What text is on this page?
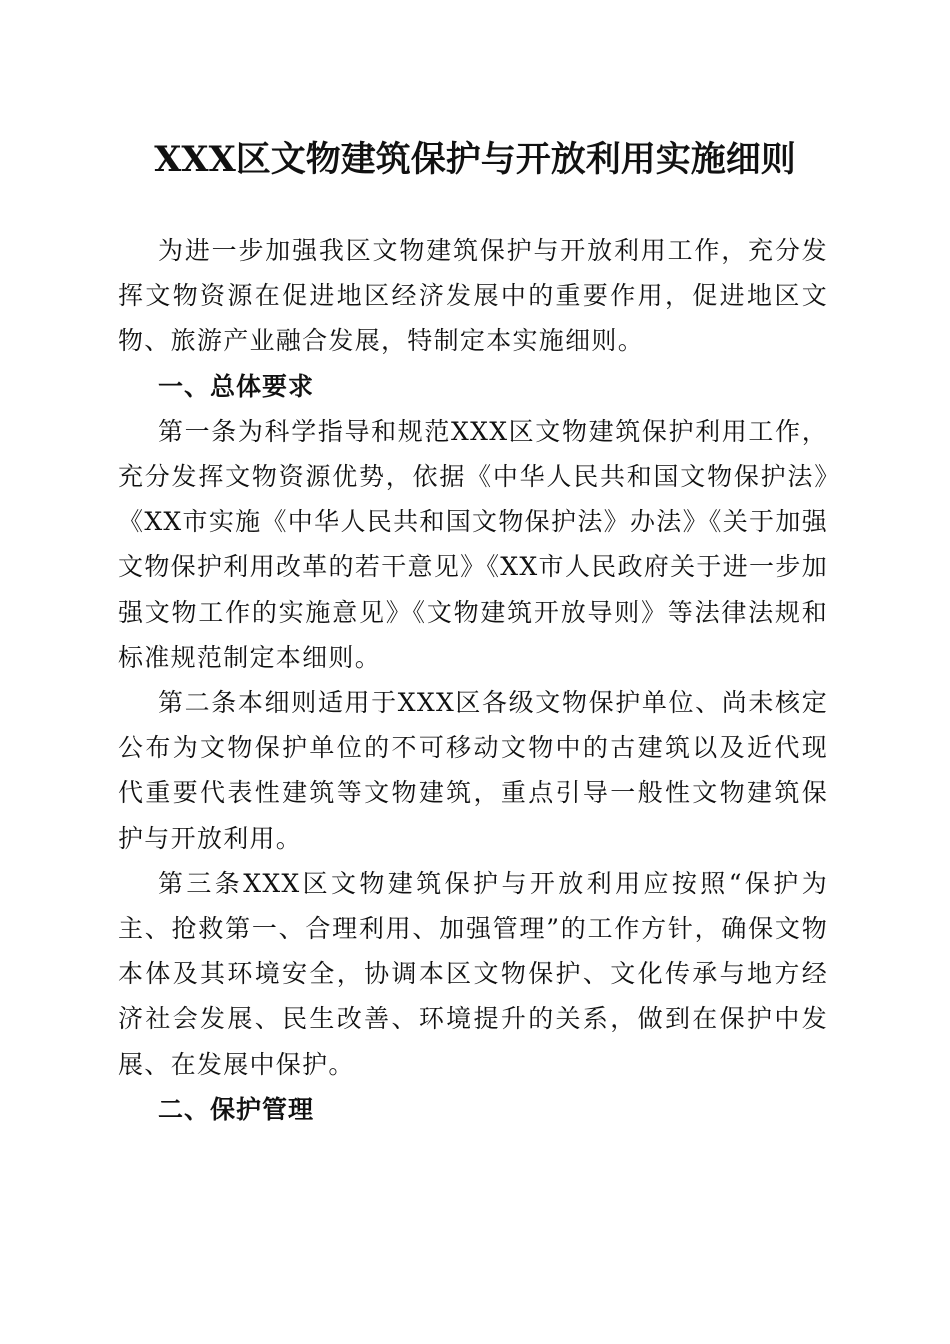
XXX区文物建筑保护与开放利用实施细则

为进一步加强我区文物建筑保护与开放利用工作，充分发挥文物资源在促进地区经济发展中的重要作用，促进地区文物、旅游产业融合发展，特制定本实施细则。

一、总体要求

第一条为科学指导和规范XXX区文物建筑保护利用工作，充分发挥文物资源优势，依据《中华人民共和国文物保护法》《XX市实施《中华人民共和国文物保护法》办法》《关于加强文物保护利用改革的若干意见》《XX市人民政府关于进一步加强文物工作的实施意见》《文物建筑开放导则》等法律法规和标准规范制定本细则。

第二条本细则适用于XXX区各级文物保护单位、尚未核定公布为文物保护单位的不可移动文物中的古建筑以及近代现代重要代表性建筑等文物建筑，重点引导一般性文物建筑保护与开放利用。

第三条XXX区文物建筑保护与开放利用应按照“保护为主、抢救第一、合理利用、加强管理”的工作方针，确保文物本体及其环境安全，协调本区文物保护、文化传承与地方经济社会发展、民生改善、环境提升的关系，做到在保护中发展、在发展中保护。

二、保护管理
